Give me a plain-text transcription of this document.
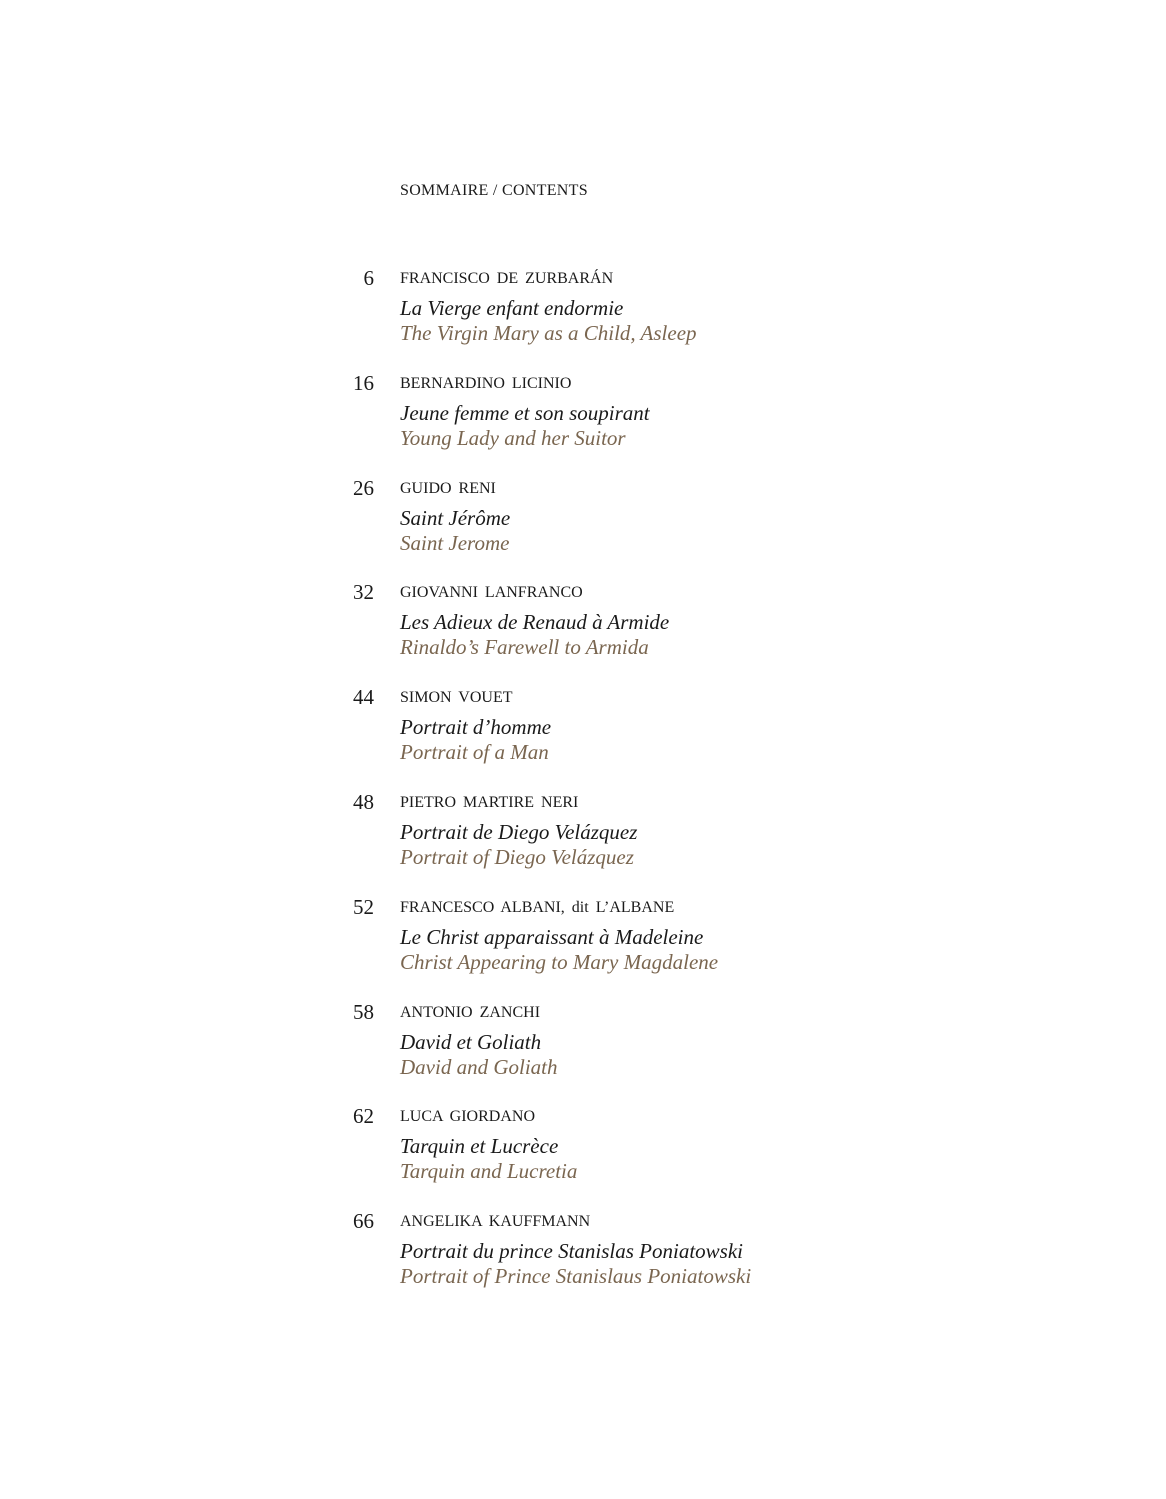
SOMMAIRE / CONTENTS
6 FRANCISCO DE ZURBARÁN
La Vierge enfant endormie
The Virgin Mary as a Child, Asleep
16 BERNARDINO LICINIO
Jeune femme et son soupirant
Young Lady and her Suitor
26 GUIDO RENI
Saint Jérôme
Saint Jerome
32 GIOVANNI LANFRANCO
Les Adieux de Renaud à Armide
Rinaldo’s Farewell to Armida
44 SIMON VOUET
Portrait d’homme
Portrait of a Man
48 PIETRO MARTIRE NERI
Portrait de Diego Velázquez
Portrait of Diego Velázquez
52 FRANCESCO ALBANI, dit L’ALBANE
Le Christ apparaissant à Madeleine
Christ Appearing to Mary Magdalene
58 ANTONIO ZANCHI
David et Goliath
David and Goliath
62 LUCA GIORDANO
Tarquin et Lucrèce
Tarquin and Lucretia
66 ANGELIKA KAUFFMANN
Portrait du prince Stanislas Poniatowski
Portrait of Prince Stanislaus Poniatowski
